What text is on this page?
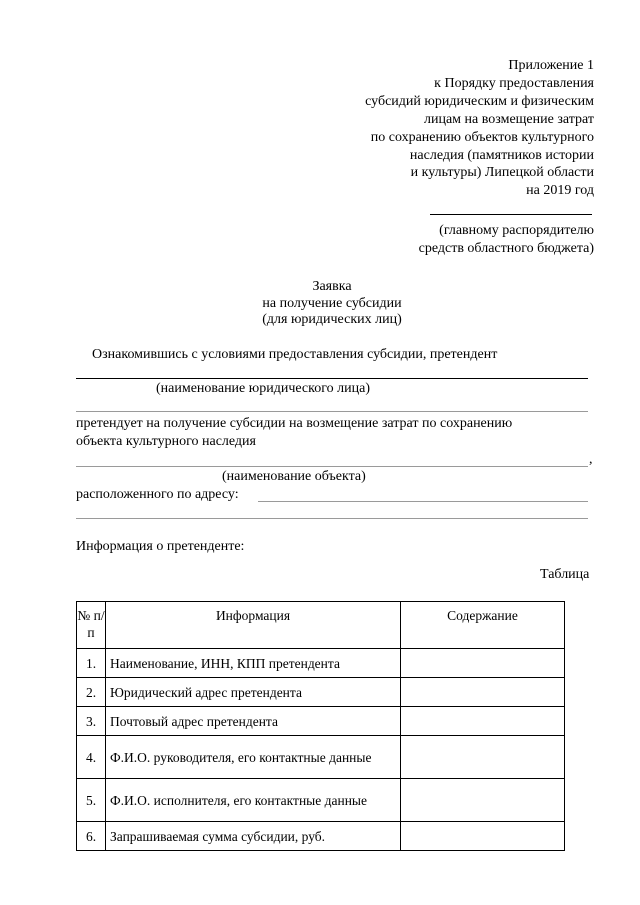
Приложение 1
к Порядку предоставления
субсидий юридическим и физическим
лицам на возмещение затрат
по сохранению объектов культурного
наследия (памятников истории
и культуры) Липецкой области
на 2019 год
(главному распорядителю
средств областного бюджета)
Заявка
на получение субсидии
(для юридических лиц)
Ознакомившись с условиями предоставления субсидии, претендент
(наименование юридического лица)
претендует на получение субсидии на возмещение затрат по сохранению
объекта культурного наследия
,
(наименование объекта)
расположенного по адресу:
Информация о претенденте:
Таблица
№ п/п	Информация	Содержание
1.	Наименование, ИНН, КПП претендента	
2.	Юридический адрес претендента	
3.	Почтовый адрес претендента	
4.	Ф.И.О. руководителя, его контактные данные	
5.	Ф.И.О. исполнителя, его контактные данные	
6.	Запрашиваемая сумма субсидии, руб.	
